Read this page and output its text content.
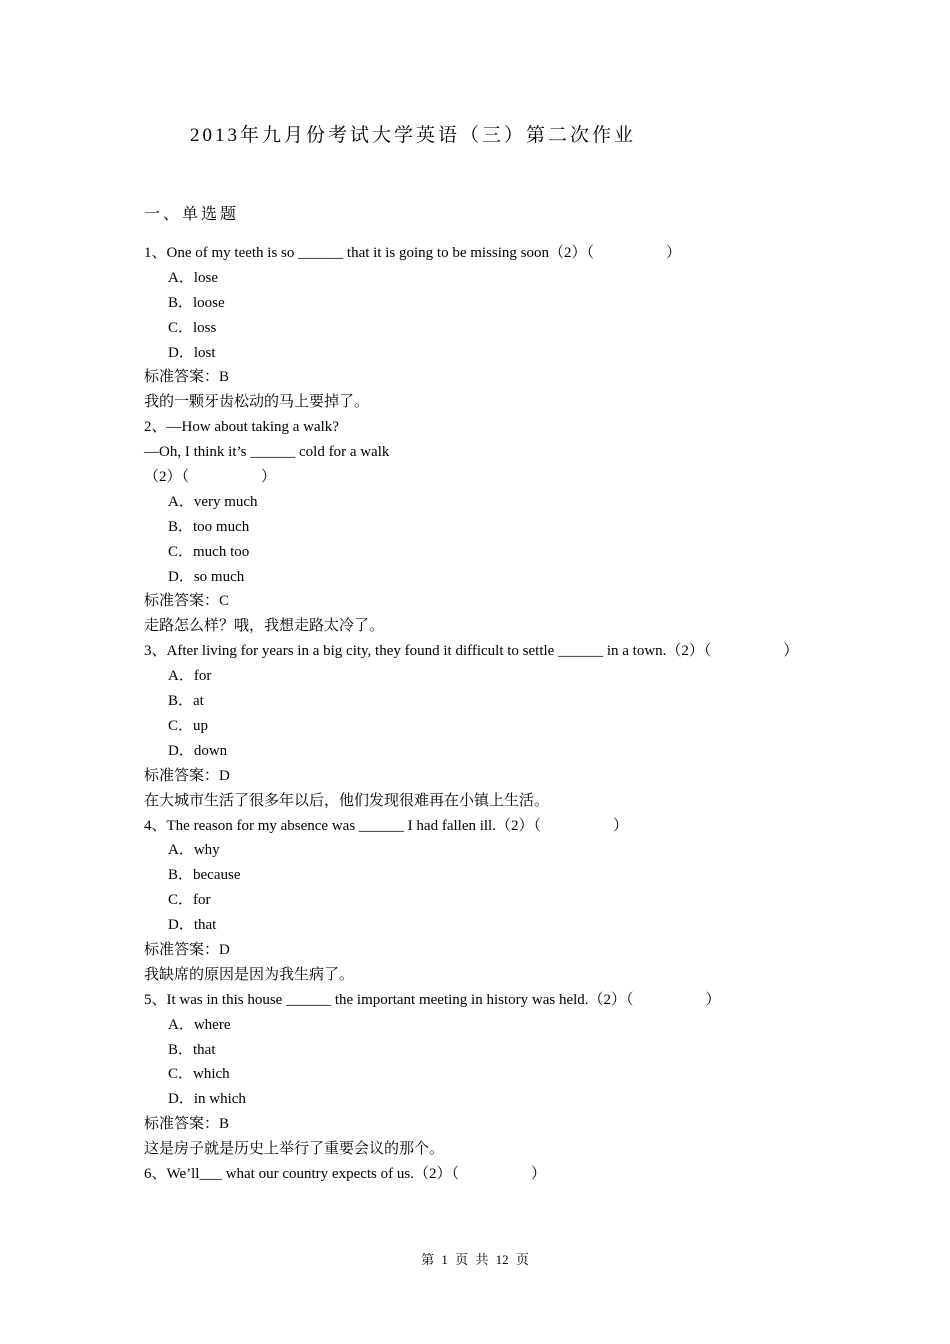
2013年九月份考试大学英语（三）第二次作业
一、单选题
1、One of my teeth is so ______ that it is going to be missing soon（2）（	）
A．lose
B．loose
C．loss
D．lost
标准答案：B
我的一颗牙齿松动的马上要掉了。
2、—How about taking a walk?
—Oh, I think it’s ______ cold for a walk
（2）（	）
A．very much
B．too much
C．much too
D．so much
标准答案：C
走路怎么样？哦，我想走路太冷了。
3、After living for years in a big city, they found it difficult to settle ______ in a town.（2）（	）
A．for
B．at
C．up
D．down
标准答案：D
在大城市生活了很多年以后，他们发现很难再在小镇上生活。
4、The reason for my absence was ______ I had fallen ill.（2）（	）
A．why
B．because
C．for
D．that
标准答案：D
我缺席的原因是因为我生病了。
5、It was in this house ______ the important meeting in history was held.（2）（	）
A．where
B．that
C．which
D．in which
标准答案：B
这是房子就是历史上举行了重要会议的那个。
6、We’ll___ what our country expects of us.（2）（	）
第 1 页 共 12 页
